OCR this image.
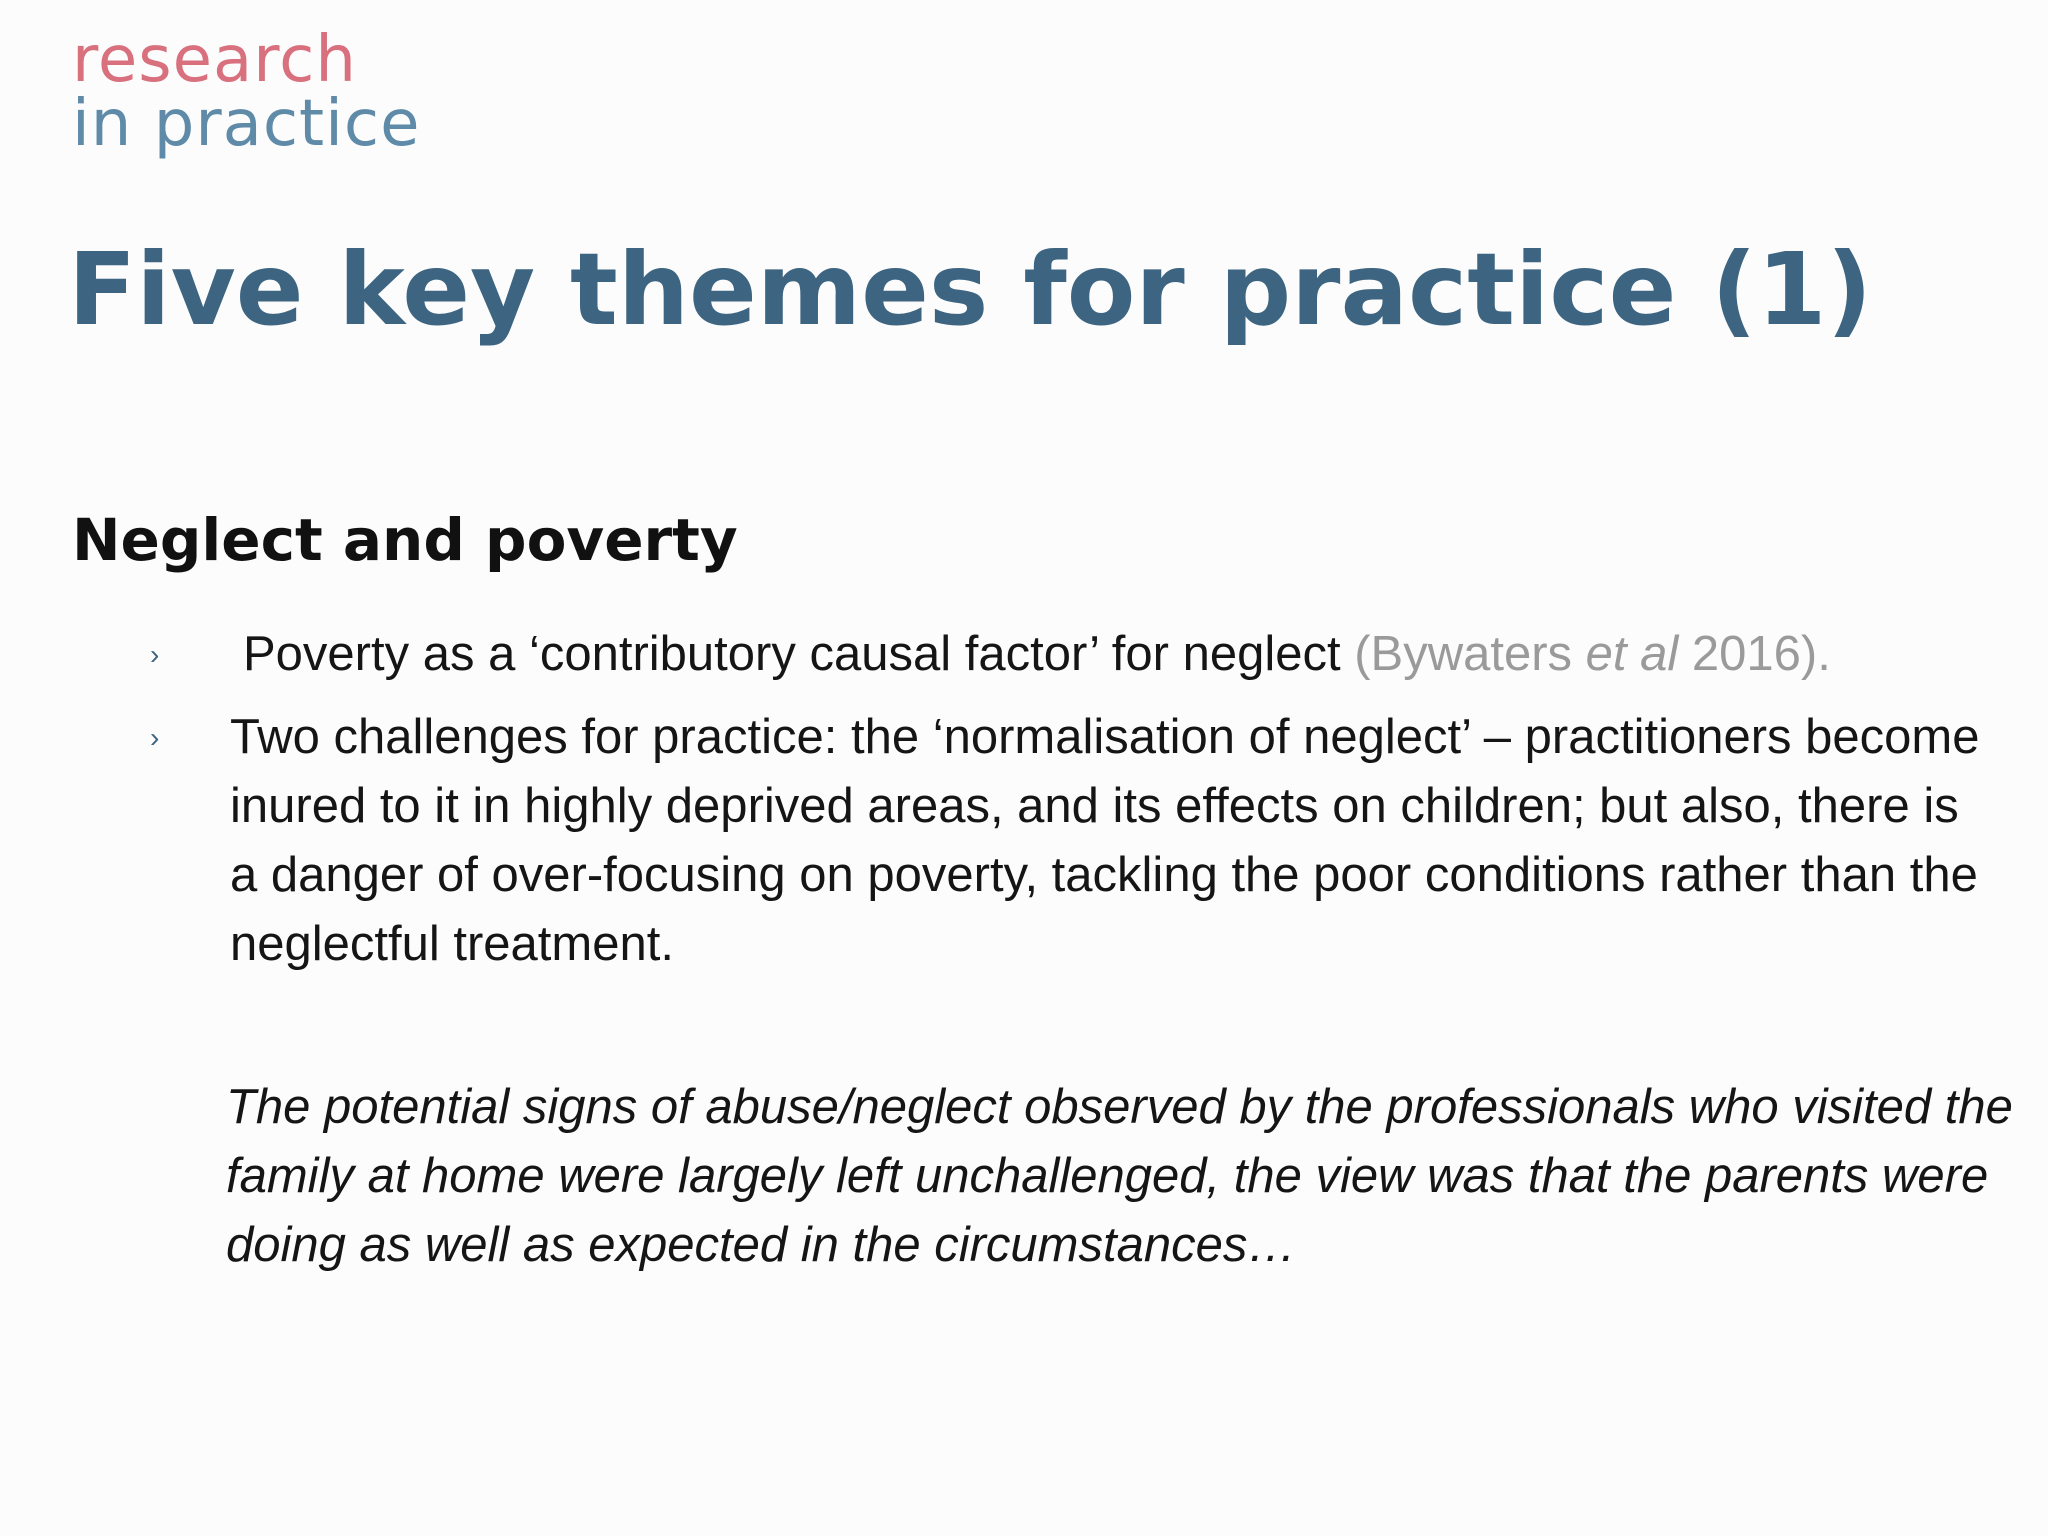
research
in practice
Five key themes for practice (1)
Neglect and poverty
› Poverty as a ‘contributory causal factor’ for neglect (Bywaters et al 2016).
› Two challenges for practice: the ‘normalisation of neglect’ – practitioners become inured to it in highly deprived areas, and its effects on children; but also, there is a danger of over-focusing on poverty, tackling the poor conditions rather than the neglectful treatment.

The potential signs of abuse/neglect observed by the professionals who visited the family at home were largely left unchallenged, the view was that the parents were doing as well as expected in the circumstances…
